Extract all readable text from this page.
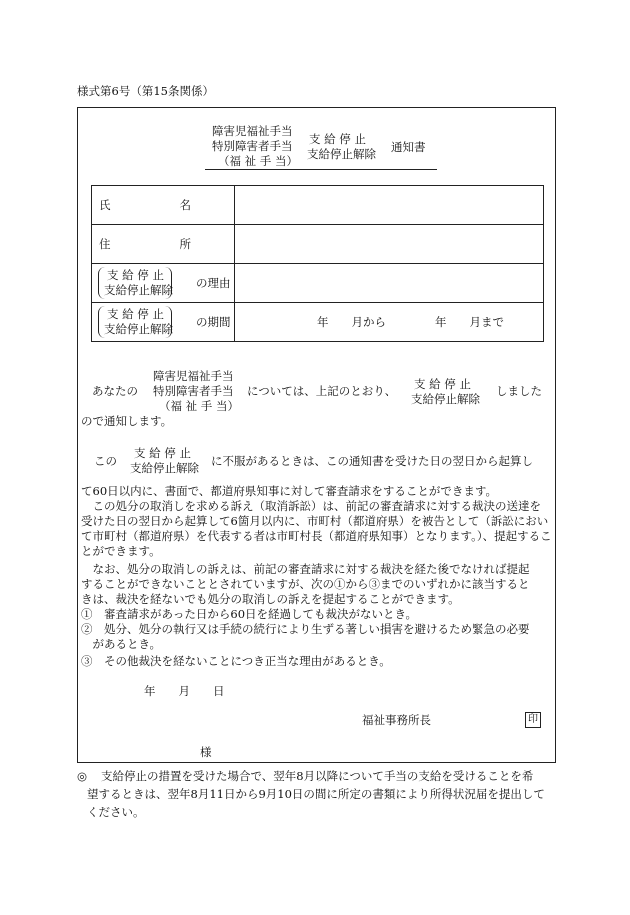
様式第6号（第15条関係）
障害児福祉手当
特別障害者手当
（福 祉 手 当）
支 給 停 止
支給停止解除 通知書
氏　　　　　　名	

住　　　　　　所	

支 給 停 止
支給停止解除 の理由	

支 給 停 止
支給停止解除 の期間	年　　月から 年　　月まで
あなたの
障害児福祉手当
特別障害者手当
（福 祉 手 当）
については、上記のとおり、 支 給 停 止
支給停止解除
しました
ので通知します。
この
支 給 停 止
支給停止解除 に不服があるときは、この通知書を受けた日の翌日から起算し
て60日以内に、書面で、都道府県知事に対して審査請求をすることができます。
　この処分の取消しを求める訴え（取消訴訟）は、前記の審査請求に対する裁決の送達を
受けた日の翌日から起算して6箇月以内に、市町村（都道府県）を被告として（訴訟におい
て市町村（都道府県）を代表する者は市町村長（都道府県知事）となります。）、提起するこ
とができます。
　なお、処分の取消しの訴えは、前記の審査請求に対する裁決を経た後でなければ提起
することができないこととされていますが、次の①から③までのいずれかに該当すると
きは、裁決を経ないでも処分の取消しの訴えを提起することができます。
①　審査請求があった日から60日を経過しても裁決がないとき。
②　処分、処分の執行又は手続の続行により生ずる著しい損害を避けるため緊急の必要
　があるとき。
③　その他裁決を経ないことにつき正当な理由があるとき。
年　　月　　日
福祉事務所長	印
様
◎ 支給停止の措置を受けた場合で、翌年8月以降について手当の支給を受けることを希
望するときは、翌年8月11日から9月10日の間に所定の書類により所得状況届を提出して
ください。
